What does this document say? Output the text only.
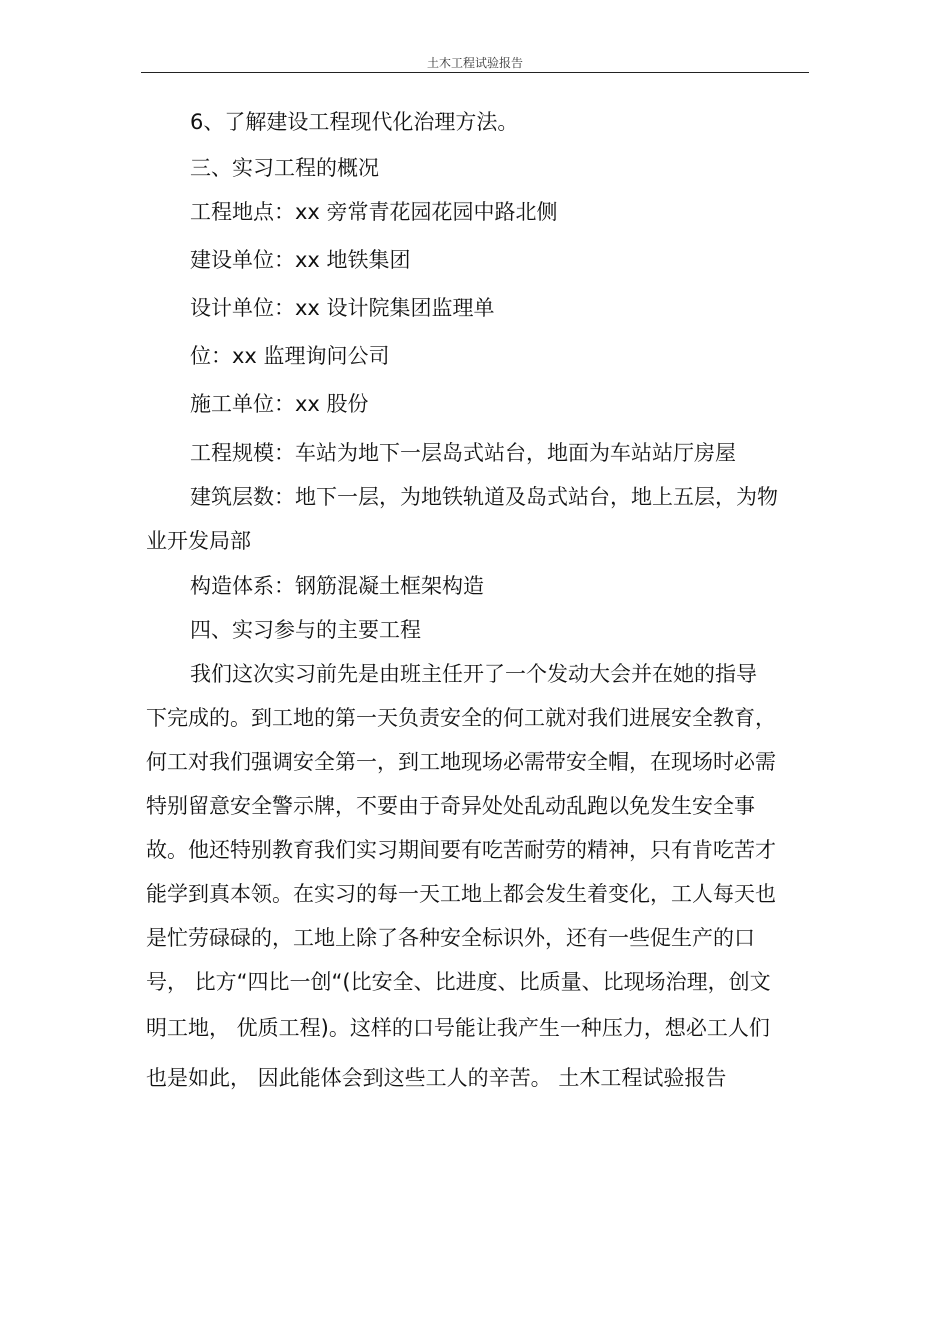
土木工程试验报告
6、了解建设工程现代化治理方法。
三、实习工程的概况
工程地点：xx 旁常青花园花园中路北侧
建设单位：xx 地铁集团
设计单位：xx 设计院集团监理单
位：xx 监理询问公司
施工单位：xx 股份
工程规模：车站为地下一层岛式站台，地面为车站站厅房屋
建筑层数：地下一层，为地铁轨道及岛式站台，地上五层，为物
业开发局部
构造体系：钢筋混凝土框架构造
四、实习参与的主要工程
我们这次实习前先是由班主任开了一个发动大会并在她的指导
下完成的。到工地的第一天负责安全的何工就对我们进展安全教育，
何工对我们强调安全第一，到工地现场必需带安全帽，在现场时必需
特别留意安全警示牌，不要由于奇异处处乱动乱跑以免发生安全事
故。他还特别教育我们实习期间要有吃苦耐劳的精神，只有肯吃苦才
能学到真本领。在实习的每一天工地上都会发生着变化，工人每天也
是忙劳碌碌的，工地上除了各种安全标识外，还有一些促生产的口
号， 比方“四比一创“(比安全、比进度、比质量、比现场治理，创文
明工地， 优质工程)。这样的口号能让我产生一种压力，想必工人们
也是如此， 因此能体会到这些工人的辛苦。 土木工程试验报告
